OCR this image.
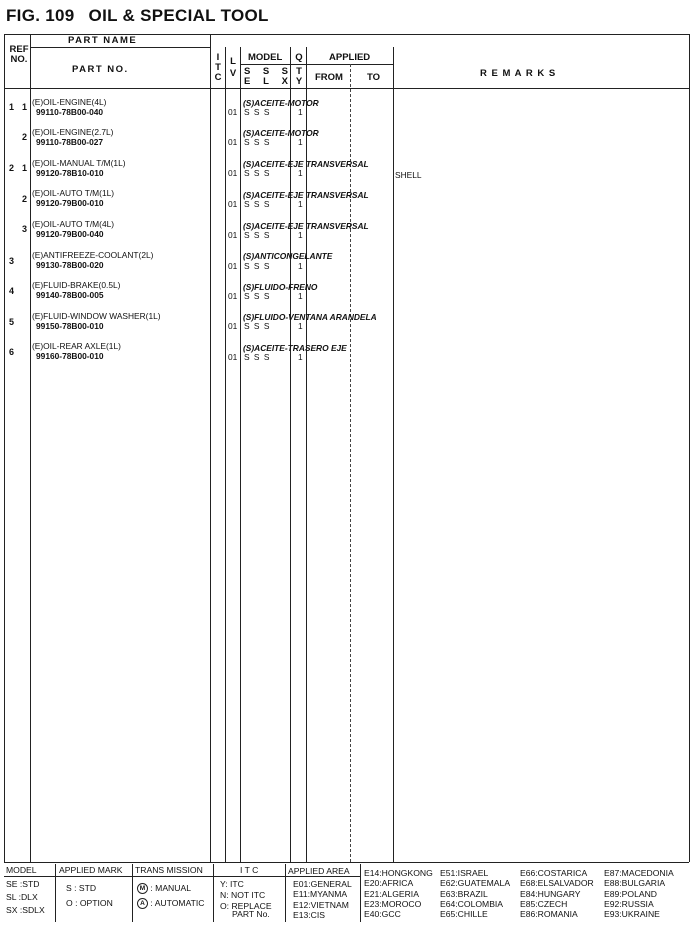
FIG. 109 OIL & SPECIAL TOOL
REF
NO.
PART NAME
PART NO.
I
T
C
L
V
MODEL
S S S
E L X
Q
T
Y
APPLIED
FROM	TO	R E M A R K S
1 1 (E)OIL-ENGINE(4L)
99110-78B00-040
(S)ACEITE-MOTOR
01 S S S	1
2 (E)OIL-ENGINE(2.7L)
99110-78B00-027
(S)ACEITE-MOTOR
01 S S S	1
2 1 (E)OIL-MANUAL T/M(1L)
99120-78B10-010
(S)ACEITE-EJE TRANSVERSAL
01 S S S	1	SHELL
2
(E)OIL-AUTO T/M(1L)
99120-79B00-010
(S)ACEITE-EJE TRANSVERSAL
01 S S S	1
3 (E)OIL-AUTO T/M(4L)
99120-79B00-040
(S)ACEITE-EJE TRANSVERSAL
01 S S S	1
3
(E)ANTIFREEZE-COOLANT(2L)
99130-78B00-020
(S)ANTICONGELANTE
01 S S S	1
4
(E)FLUID-BRAKE(0.5L)
99140-78B00-005
(S)FLUIDO-FRENO
01 S S S	1
5
(E)FLUID-WINDOW WASHER(1L)
99150-78B00-010
(S)FLUIDO-VENTANA ARANDELA
01 S S S	1
6
(E)OIL-REAR AXLE(1L)
99160-78B00-010
(S)ACEITE-TRASERO EJE
01 S S S	1
MODEL
SE :STD
SL :DLX
SX :SDLX
APPLIED MARK
S : STD
O : OPTION
TRANS MISSION
M : MANUAL
A : AUTOMATIC
I T C
Y: ITC
N: NOT ITC
O: REPLACE
PART No.
APPLIED AREA
E01:GENERAL
E11:MYANMA
E12:VIETNAM
E13:CIS
E14:HONGKONG
E20:AFRICA
E21:ALGERIA
E23:MOROCO
E40:GCC
E51:ISRAEL
E62:GUATEMALA
E63:BRAZIL
E64:COLOMBIA
E65:CHILLE
E66:COSTARICA
E68:ELSALVADOR
E84:HUNGARY
E85:CZECH
E86:ROMANIA
E87:MACEDONIA
E88:BULGARIA
E89:POLAND
E92:RUSSIA
E93:UKRAINE
